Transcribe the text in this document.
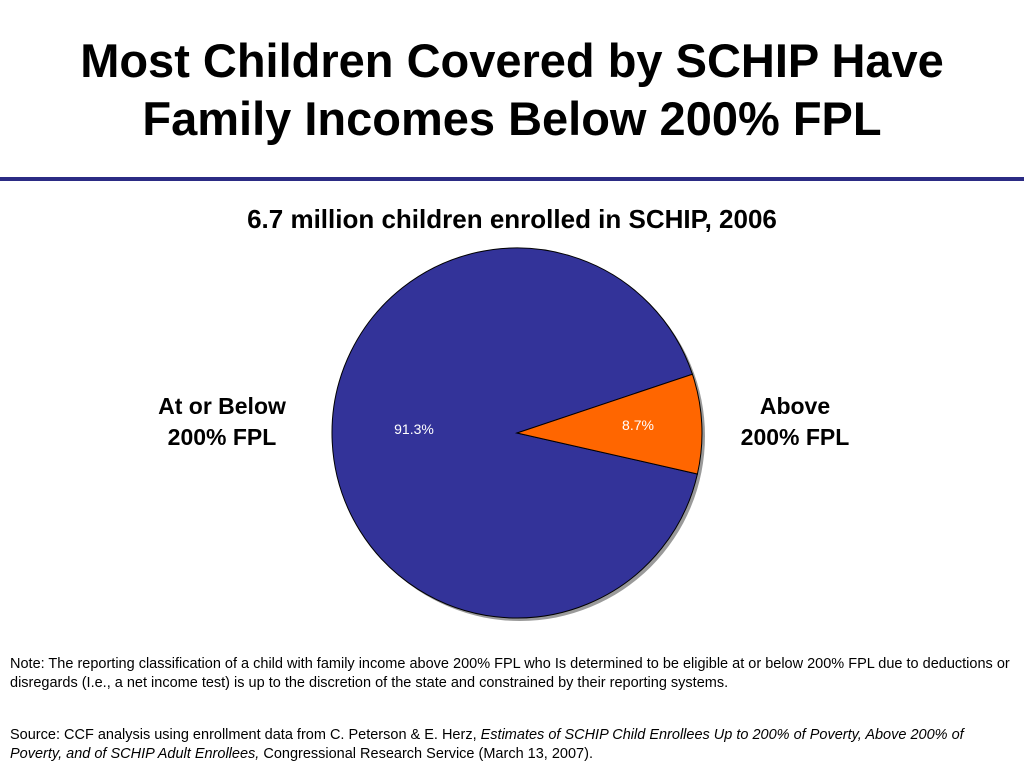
Most Children Covered by SCHIP Have
Family Incomes Below 200% FPL
6.7 million children enrolled in SCHIP, 2006
91.3%	8.7%
At or Below
200% FPL
Above
200% FPL

Note: The reporting classification of a child with family income above 200% FPL who Is determined to be eligible at or below 200% FPL due to deductions or disregards (I.e., a net income test) is up to the discretion of the state and constrained by their reporting systems.

Source: CCF analysis using enrollment data from C. Peterson & E. Herz, Estimates of SCHIP Child Enrollees Up to 200% of Poverty, Above 200% of Poverty, and of SCHIP Adult Enrollees, Congressional Research Service (March 13, 2007).
